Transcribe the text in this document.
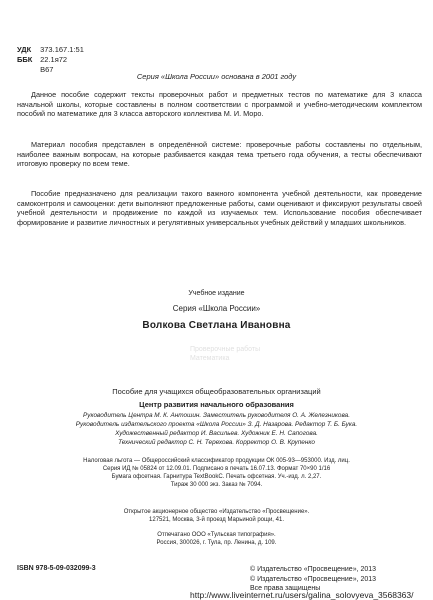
УДК 373.167.1:51
ББК 22.1я72
В67
Серия «Школа России» основана в 2001 году
Данное пособие содержит тексты проверочных работ и предметных тестов по математике для 3 класса начальной школы, которые составлены в полном соответствии с программой и учебно-методическим комплектом пособий по математике для 3 класса авторского коллектива М. И. Моро.
Материал пособия представлен в определённой системе: проверочные работы составлены по отдельным, наиболее важным вопросам, на которые разбивается каждая тема третьего года обучения, а тесты обеспечивают итоговую проверку по всем теме.
Пособие предназначено для реализации такого важного компонента учебной деятельности, как проведение самоконтроля и самооценки: дети выполняют предложенные работы, сами оценивают и фиксируют результаты своей учебной деятельности и продвижение по каждой из изучаемых тем. Использование пособия обеспечивает формирование и развитие личностных и регулятивных универсальных учебных действий у младших школьников.
Учебное издание
Серия «Школа России»
Волкова Светлана Ивановна
Проверочные работы
Математика
Пособие для учащихся общеобразовательных организаций
Центр развития начального образования
Руководитель Центра М. К. Антошин. Заместитель руководителя О. А. Железникова.
Руководитель издательского проекта «Школа России» З. Д. Назарова. Редактор Т. Б. Бука.
Художественный редактор И. Васильев. Художник Е. Н. Сапогова.
Технический редактор С. Н. Терехова. Корректор О. В. Крупенко
Налоговая льгота — Общероссийский классификатор продукции ОК 005-93—953000. Изд. лиц.
Серия ИД № 05824 от 12.09.01. Подписано в печать 16.07.13. Формат 70×90 1/16
Бумага офсетная. Гарнитура TextBookC. Печать офсетная. Уч.-изд. л. 2,27.
Тираж 30 000 экз. Заказ № 7094.
Открытое акционерное общество «Издательство «Просвещение».
127521, Москва, 3-й проезд Марьиной рощи, 41.
Отпечатано ООО «Тульская типография».
Россия, 300026, г. Тула, пр. Ленина, д. 109.
ISBN 978-5-09-032099-3	© Издательство «Просвещение», 2013
© Издательство «Просвещение», 2013
Все права защищены
http://www.liveinternet.ru/users/galina_solovyeva_3568363/
